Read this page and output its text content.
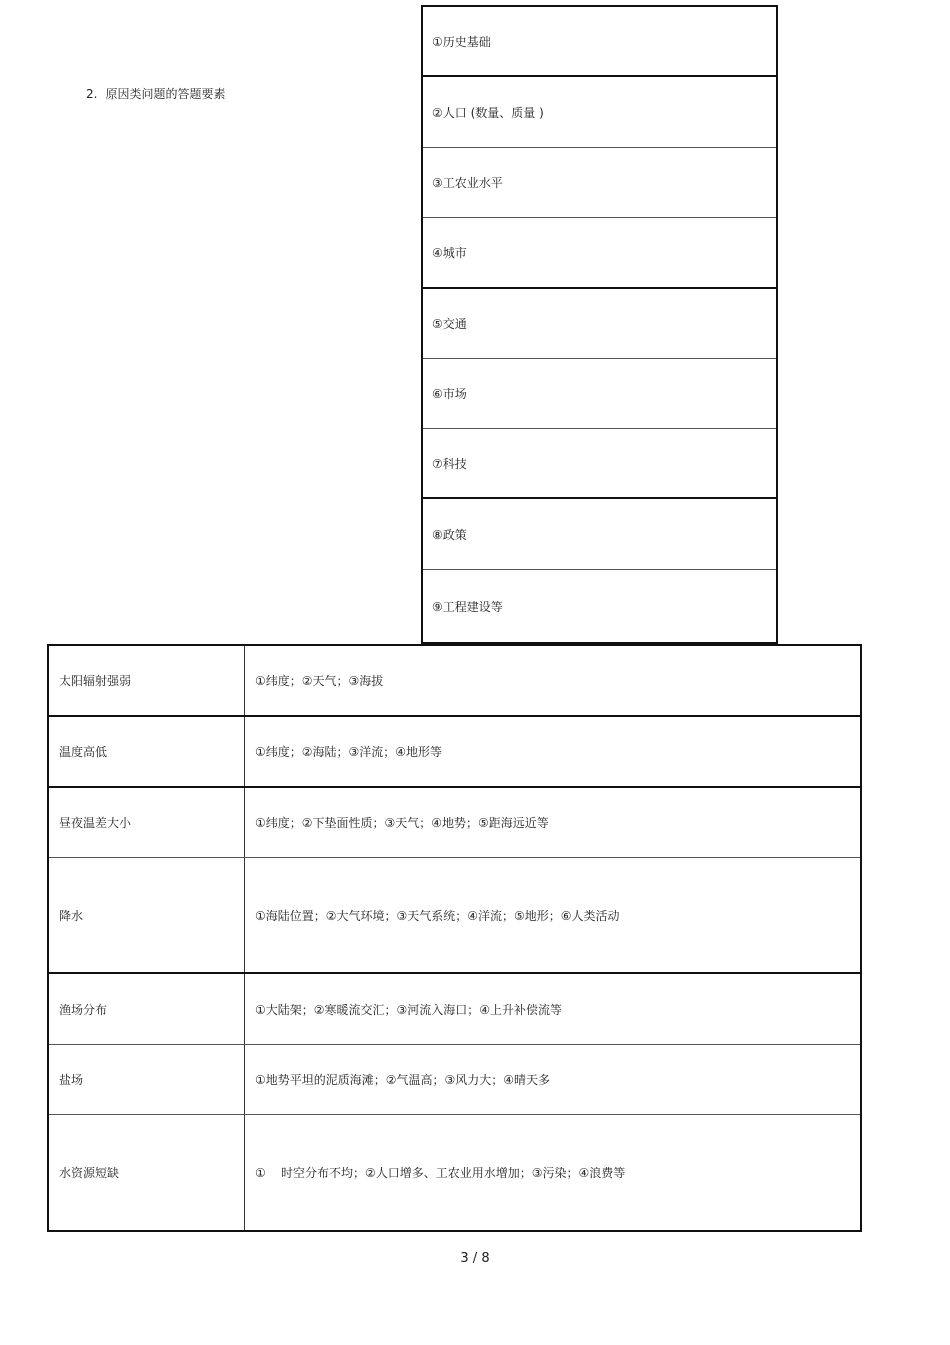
2. 原因类问题的答题要素
①历史基础
②人口 (数量、质量 )
③工农业水平
④城市
⑤交通
⑥市场
⑦科技
⑧政策
⑨工程建设等
太阳辐射强弱	①纬度；②天气；③海拔
温度高低	①纬度；②海陆；③洋流；④地形等
昼夜温差大小	①纬度；②下垫面性质；③天气；④地势；⑤距海远近等
降水	①海陆位置；②大气环境；③天气系统；④洋流；⑤地形；⑥人类活动
渔场分布	①大陆架；②寒暖流交汇；③河流入海口；④上升补偿流等
盐场	①地势平坦的泥质海滩；②气温高；③风力大；④晴天多
水资源短缺	①    时空分布不均；②人口增多、工农业用水增加；③污染；④浪费等
3 / 8
